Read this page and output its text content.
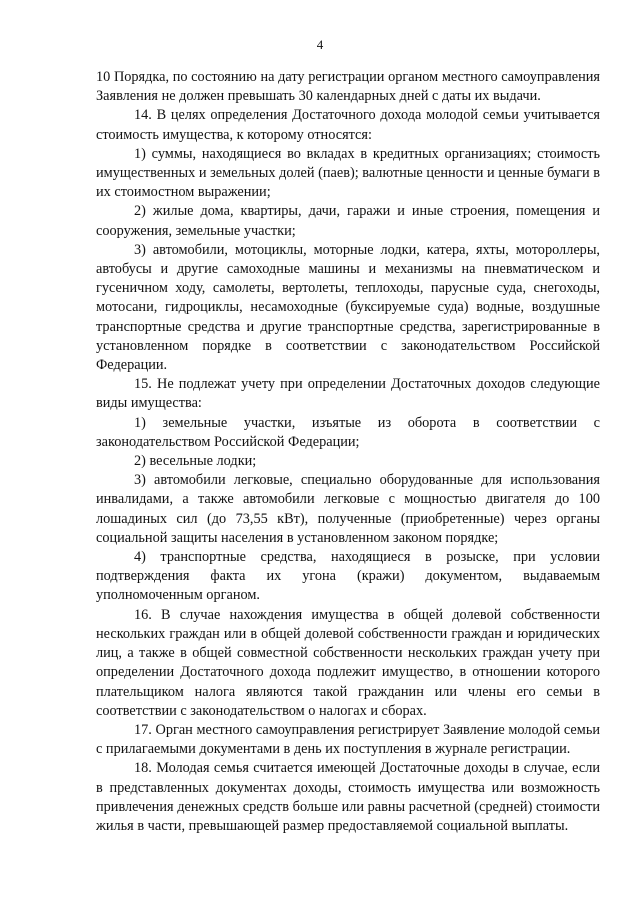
4

10 Порядка, по состоянию на дату регистрации органом местного самоуправления Заявления не должен превышать 30 календарных дней с даты их выдачи.

14. В целях определения Достаточного дохода молодой семьи учитывается стоимость имущества, к которому относятся:

1) суммы, находящиеся во вкладах в кредитных организациях; стоимость имущественных и земельных долей (паев); валютные ценности и ценные бумаги в их стоимостном выражении;

2) жилые дома, квартиры, дачи, гаражи и иные строения, помещения и сооружения, земельные участки;

3) автомобили, мотоциклы, моторные лодки, катера, яхты, мотороллеры, автобусы и другие самоходные машины и механизмы на пневматическом и гусеничном ходу, самолеты, вертолеты, теплоходы, парусные суда, снегоходы, мотосани, гидроциклы, несамоходные (буксируемые суда) водные, воздушные транспортные средства и другие транспортные средства, зарегистрированные в установленном порядке в соответствии с законодательством Российской Федерации.

15. Не подлежат учету при определении Достаточных доходов следующие виды имущества:

1) земельные участки, изъятые из оборота в соответствии с законодательством Российской Федерации;

2) весельные лодки;

3) автомобили легковые, специально оборудованные для использования инвалидами, а также автомобили легковые с мощностью двигателя до 100 лошадиных сил (до 73,55 кВт), полученные (приобретенные) через органы социальной защиты населения в установленном законом порядке;

4) транспортные средства, находящиеся в розыске, при условии подтверждения факта их угона (кражи) документом, выдаваемым уполномоченным органом.

16. В случае нахождения имущества в общей долевой собственности нескольких граждан или в общей долевой собственности граждан и юридических лиц, а также в общей совместной собственности нескольких граждан учету при определении Достаточного дохода подлежит имущество, в отношении которого плательщиком налога являются такой гражданин или члены его семьи в соответствии с законодательством о налогах и сборах.

17. Орган местного самоуправления регистрирует Заявление молодой семьи с прилагаемыми документами в день их поступления в журнале регистрации.

18. Молодая семья считается имеющей Достаточные доходы в случае, если в представленных документах доходы, стоимость имущества или возможность привлечения денежных средств больше или равны расчетной (средней) стоимости жилья в части, превышающей размер предоставляемой социальной выплаты.
